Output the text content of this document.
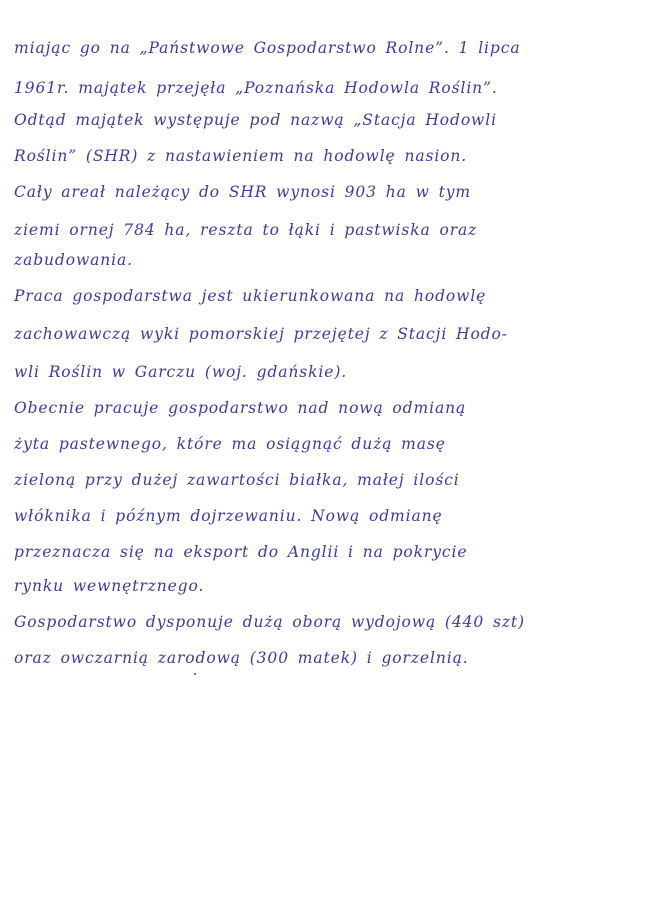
miając go na „Państwowe Gospodarstwo Rolne”. 1 lipca
1961r. majątek przejęła „Poznańska Hodowla Roślin”.
Odtąd majątek występuje pod nazwą „Stacja Hodowli
Roślin” (SHR) z nastawieniem na hodowlę nasion.
Cały areał należący do SHR wynosi 903 ha w tym
ziemi ornej 784 ha, reszta to łąki i pastwiska oraz
zabudowania.
Praca gospodarstwa jest ukierunkowana na hodowlę
zachowawczą wyki pomorskiej przejętej z Stacji Hodo-
wli Roślin w Garczu (woj. gdańskie).
Obecnie pracuje gospodarstwo nad nową odmianą
żyta pastewnego, które ma osiągnąć dużą masę
zieloną przy dużej zawartości białka, małej ilości
włóknika i późnym dojrzewaniu. Nową odmianę
przeznacza się na eksport do Anglii i na pokrycie
rynku wewnętrznego.
Gospodarstwo dysponuje dużą oborą wydojową (440 szt)
oraz owczarnią zarodową (300 matek) i gorzelnią.
